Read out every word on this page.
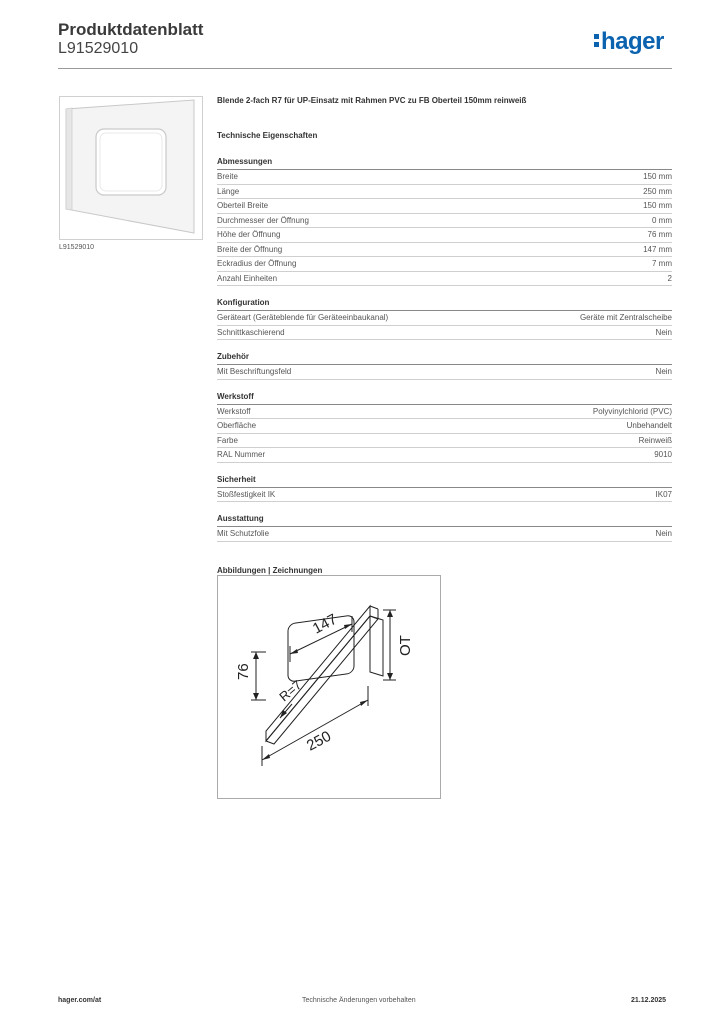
Produktdatenblatt
L91529010	hager
L91529010
Blende 2-fach R7 für UP-Einsatz mit Rahmen PVC zu FB Oberteil 150mm reinweiß
Technische Eigenschaften
Abmessungen
Breite	150 mm
Länge	250 mm
Oberteil Breite	150 mm
Durchmesser der Öffnung	0 mm
Höhe der Öffnung	76 mm
Breite der Öffnung	147 mm
Eckradius der Öffnung	7 mm
Anzahl Einheiten	2
Konfiguration
Geräteart (Geräteblende für Geräteeinbaukanal)	Geräte mit Zentralscheibe
Schnittkaschierend	Nein
Zubehör
Mit Beschriftungsfeld	Nein
Werkstoff
Werkstoff	Polyvinylchlorid (PVC)
Oberfläche	Unbehandelt
Farbe	Reinweiß
RAL Nummer	9010
Sicherheit
Stoßfestigkeit IK	IK07
Ausstattung
Mit Schutzfolie	Nein
Abbildungen | Zeichnungen
147
76
R=7
250
OT
hager.com/at	Technische Änderungen vorbehalten	21.12.2025
